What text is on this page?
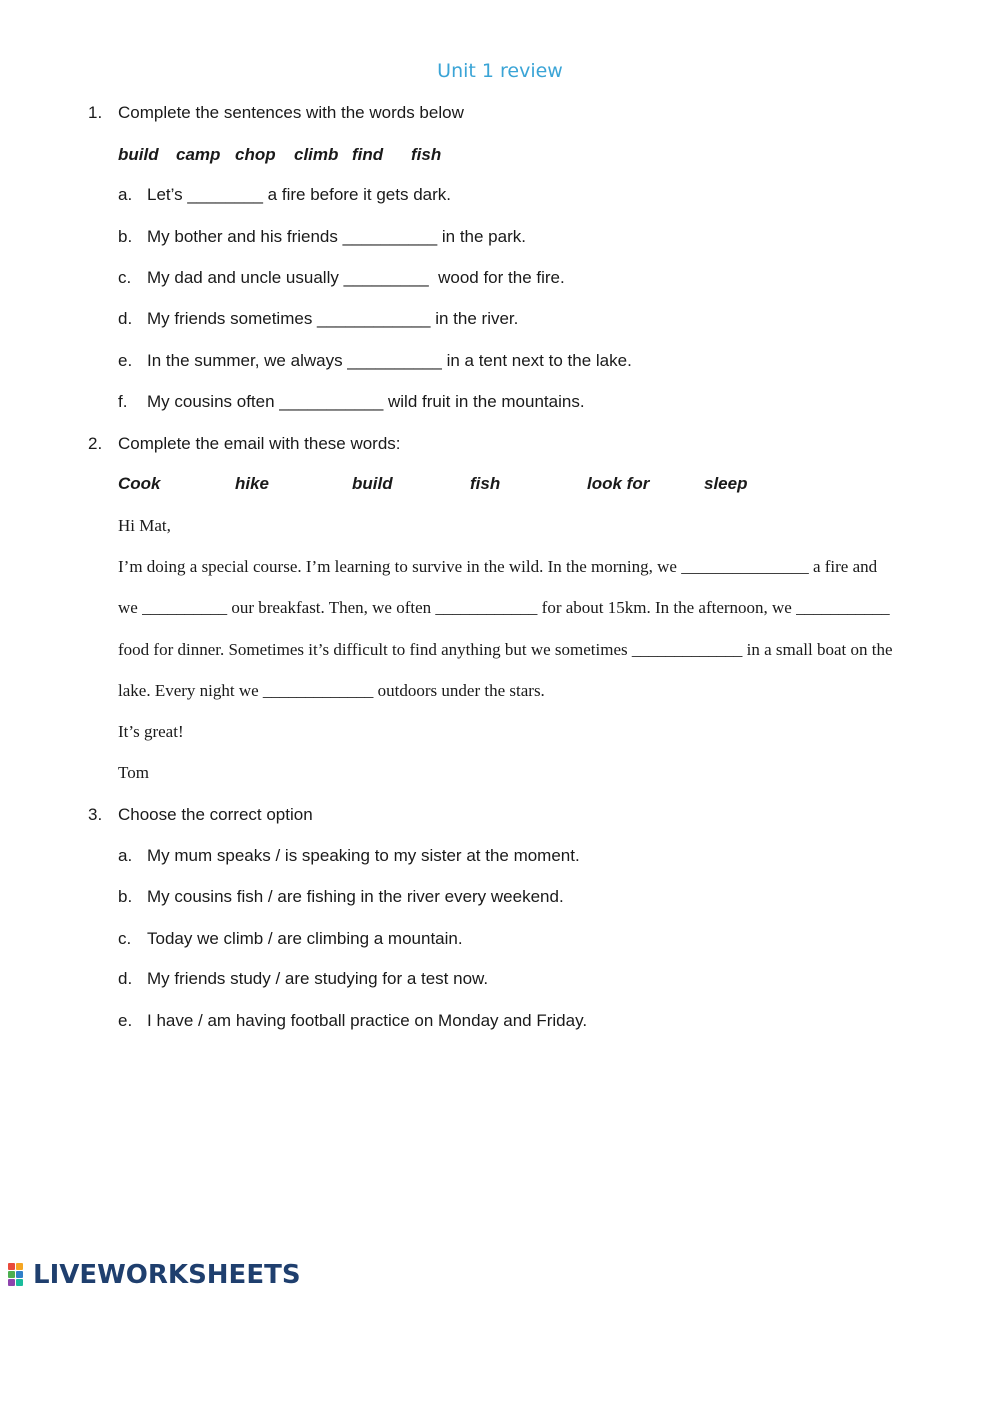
Unit 1 review
1. Complete the sentences with the words below
build camp chop climb find fish
a. Let’s ________ a fire before it gets dark.
b. My bother and his friends __________ in the park.
c. My dad and uncle usually _________  wood for the fire.
d. My friends sometimes ____________ in the river.
e. In the summer, we always __________ in a tent next to the lake.
f. My cousins often ___________ wild fruit in the mountains.
2. Complete the email with these words:
Cook	hike	build	fish	look for	sleep
Hi Mat,
I’m doing a special course. I’m learning to survive in the wild. In the morning, we _______________ a fire and
we __________ our breakfast. Then, we often ____________ for about 15km. In the afternoon, we ___________
food for dinner. Sometimes it’s difficult to find anything but we sometimes _____________ in a small boat on the
lake. Every night we _____________ outdoors under the stars.
It’s great!
Tom
3. Choose the correct option
a. My mum speaks / is speaking to my sister at the moment.
b. My cousins fish / are fishing in the river every weekend.
c. Today we climb / are climbing a mountain.
d. My friends study / are studying for a test now.
e. I have / am having football practice on Monday and Friday.

LIVEWORKSHEETS
